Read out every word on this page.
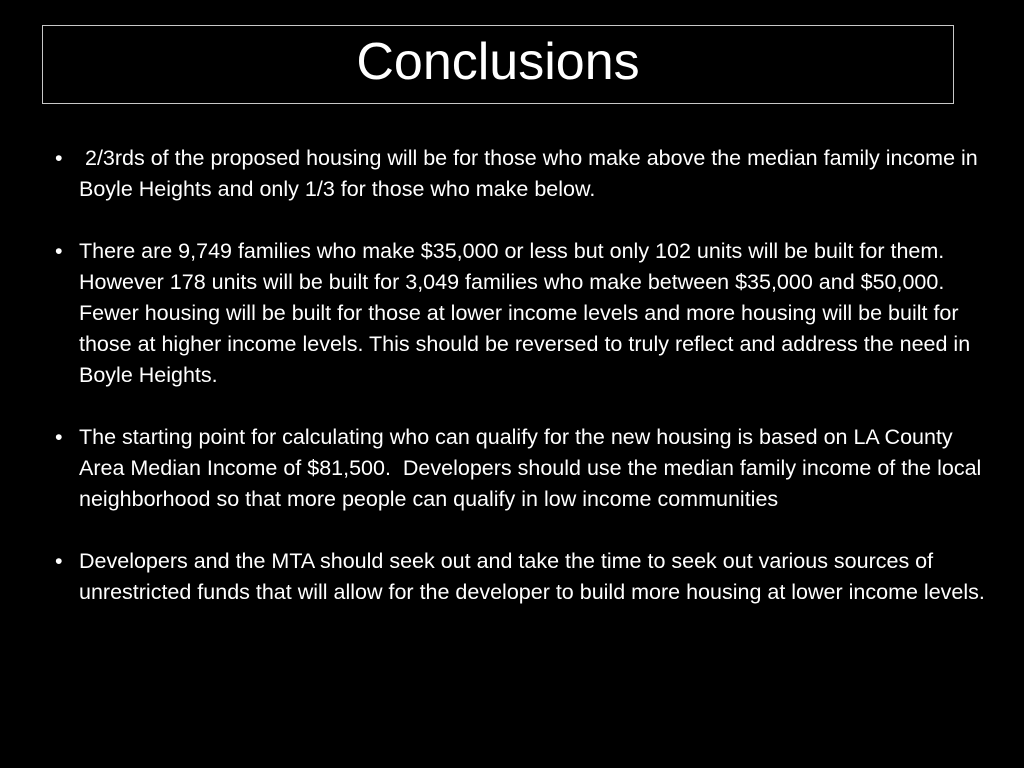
Conclusions
• 2/3rds of the proposed housing will be for those who make above the median family income in Boyle Heights and only 1/3 for those who make below.
• There are 9,749 families who make $35,000 or less but only 102 units will be built for them. However 178 units will be built for 3,049 families who make between $35,000 and $50,000.  Fewer housing will be built for those at lower income levels and more housing will be built for those at higher income levels. This should be reversed to truly reflect and address the need in Boyle Heights.
• The starting point for calculating who can qualify for the new housing is based on LA County Area Median Income of $81,500.  Developers should use the median family income of the local neighborhood so that more people can qualify in low income communities
• Developers and the MTA should seek out and take the time to seek out various sources of unrestricted funds that will allow for the developer to build more housing at lower income levels.
